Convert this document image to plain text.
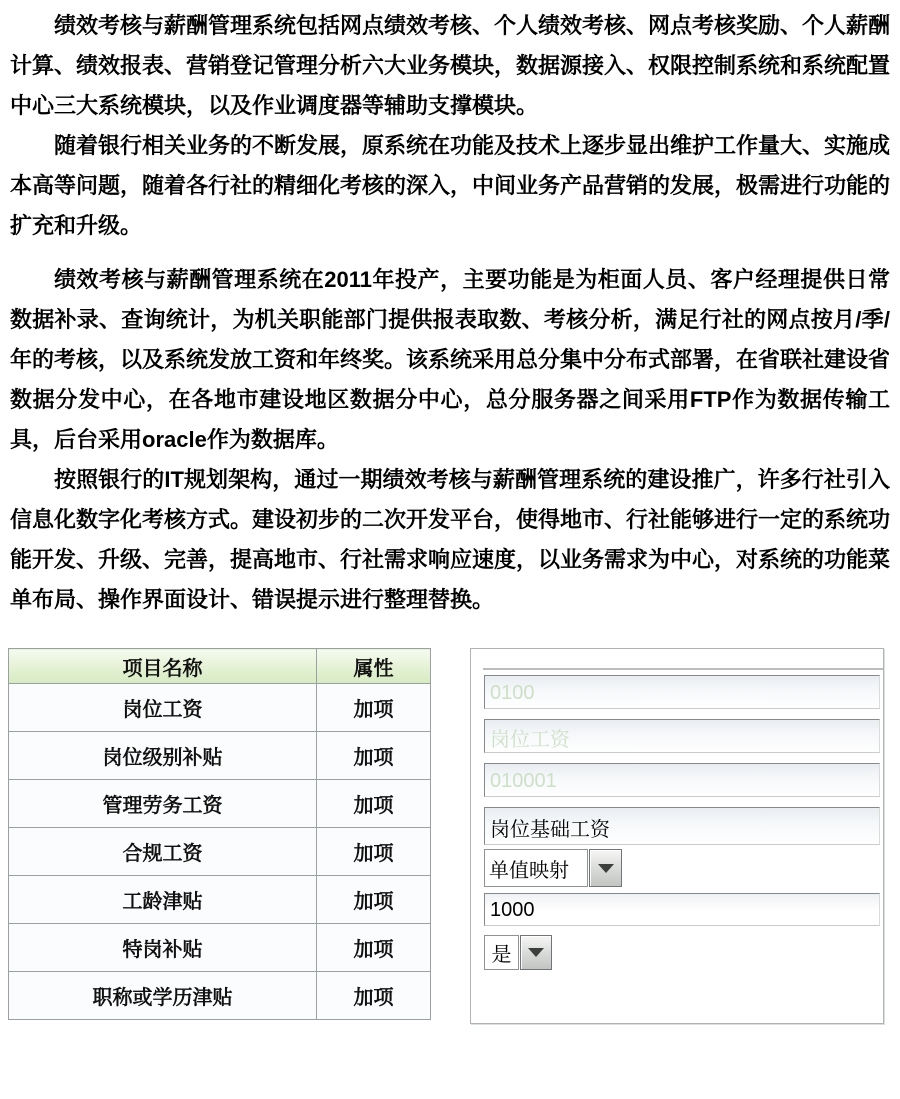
绩效考核与薪酬管理系统包括网点绩效考核、个人绩效考核、网点考核奖励、个人薪酬计算、绩效报表、营销登记管理分析六大业务模块，数据源接入、权限控制系统和系统配置中心三大系统模块，以及作业调度器等辅助支撑模块。

随着银行相关业务的不断发展，原系统在功能及技术上逐步显出维护工作量大、实施成本高等问题，随着各行社的精细化考核的深入，中间业务产品营销的发展，极需进行功能的扩充和升级。

绩效考核与薪酬管理系统在2011年投产，主要功能是为柜面人员、客户经理提供日常数据补录、查询统计，为机关职能部门提供报表取数、考核分析，满足行社的网点按月/季/年的考核，以及系统发放工资和年终奖。该系统采用总分集中分布式部署，在省联社建设省数据分发中心，在各地市建设地区数据分中心，总分服务器之间采用FTP作为数据传输工具，后台采用oracle作为数据库。

按照银行的IT规划架构，通过一期绩效考核与薪酬管理系统的建设推广，许多行社引入信息化数字化考核方式。建设初步的二次开发平台，使得地市、行社能够进行一定的系统功能开发、升级、完善，提高地市、行社需求响应速度，以业务需求为中心，对系统的功能菜单布局、操作界面设计、错误提示进行整理替换。

项目名称	属性
岗位工资	加项
岗位级别补贴	加项
管理劳务工资	加项
合规工资	加项
工龄津贴	加项
特岗补贴	加项
职称或学历津贴	加项
0100
岗位工资
010001
岗位基础工资
单值映射
1000
是
